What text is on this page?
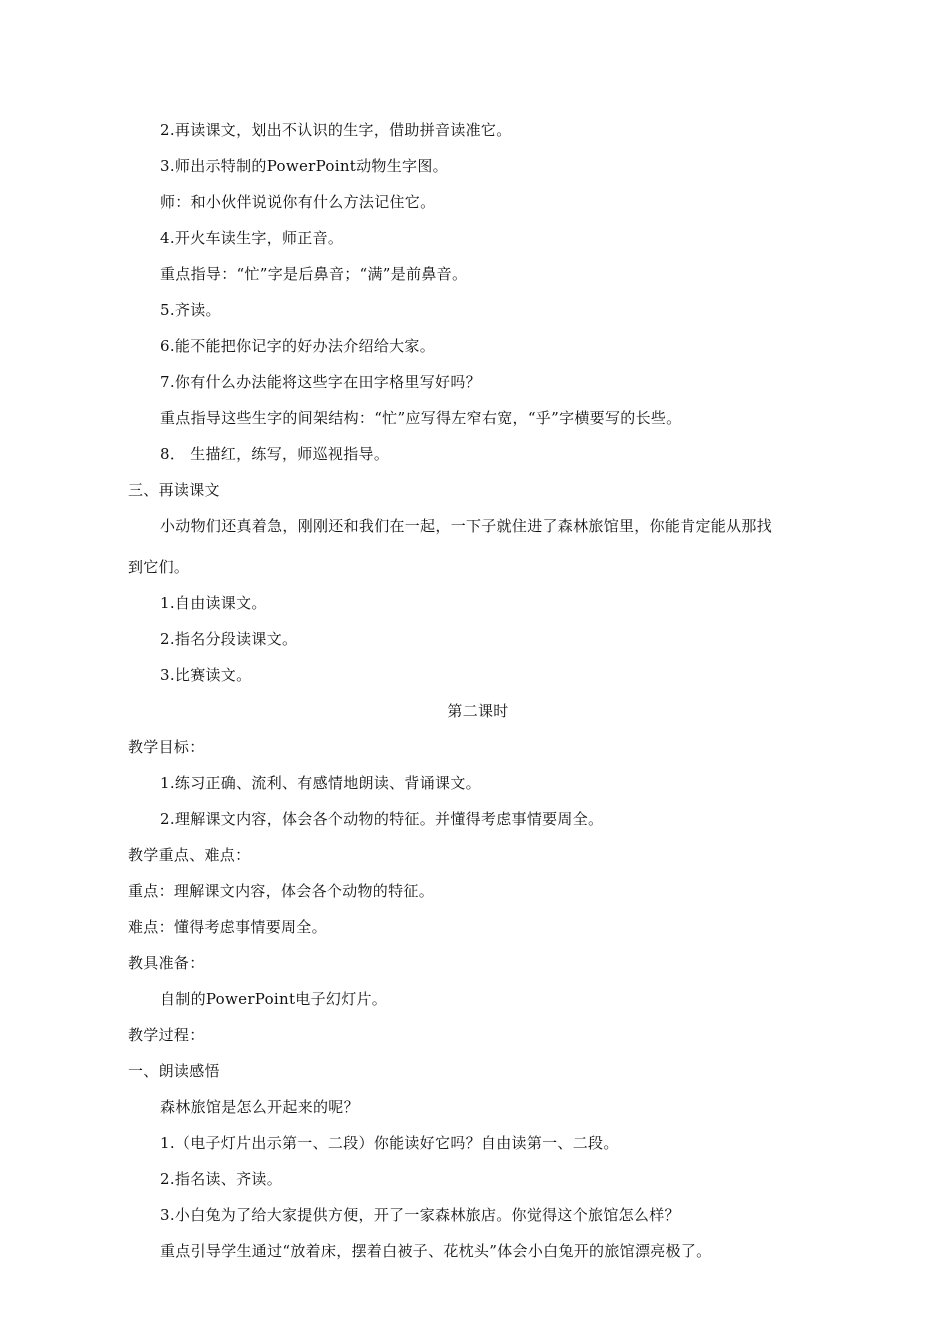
2.再读课文，划出不认识的生字，借助拼音读准它。
3.师出示特制的PowerPoint动物生字图。
师：和小伙伴说说你有什么方法记住它。
4.开火车读生字，师正音。
重点指导：“忙”字是后鼻音；“满”是前鼻音。
5.齐读。
6.能不能把你记字的好办法介绍给大家。
7.你有什么办法能将这些字在田字格里写好吗？
重点指导这些生字的间架结构：“忙”应写得左窄右宽，“乎”字横要写的长些。
8． 生描红，练写，师巡视指导。
三、再读课文
小动物们还真着急，刚刚还和我们在一起，一下子就住进了森林旅馆里，你能肯定能从那找
到它们。
1.自由读课文。
2.指名分段读课文。
3.比赛读文。
第二课时
教学目标：
1.练习正确、流利、有感情地朗读、背诵课文。
2.理解课文内容，体会各个动物的特征。并懂得考虑事情要周全。
教学重点、难点：
重点：理解课文内容，体会各个动物的特征。
难点：懂得考虑事情要周全。
教具准备：
自制的PowerPoint电子幻灯片。
教学过程：
一、朗读感悟
森林旅馆是怎么开起来的呢？
1.（电子灯片出示第一、二段）你能读好它吗？自由读第一、二段。
2.指名读、齐读。
3.小白兔为了给大家提供方便，开了一家森林旅店。你觉得这个旅馆怎么样？
重点引导学生通过“放着床，摆着白被子、花枕头”体会小白兔开的旅馆漂亮极了。
